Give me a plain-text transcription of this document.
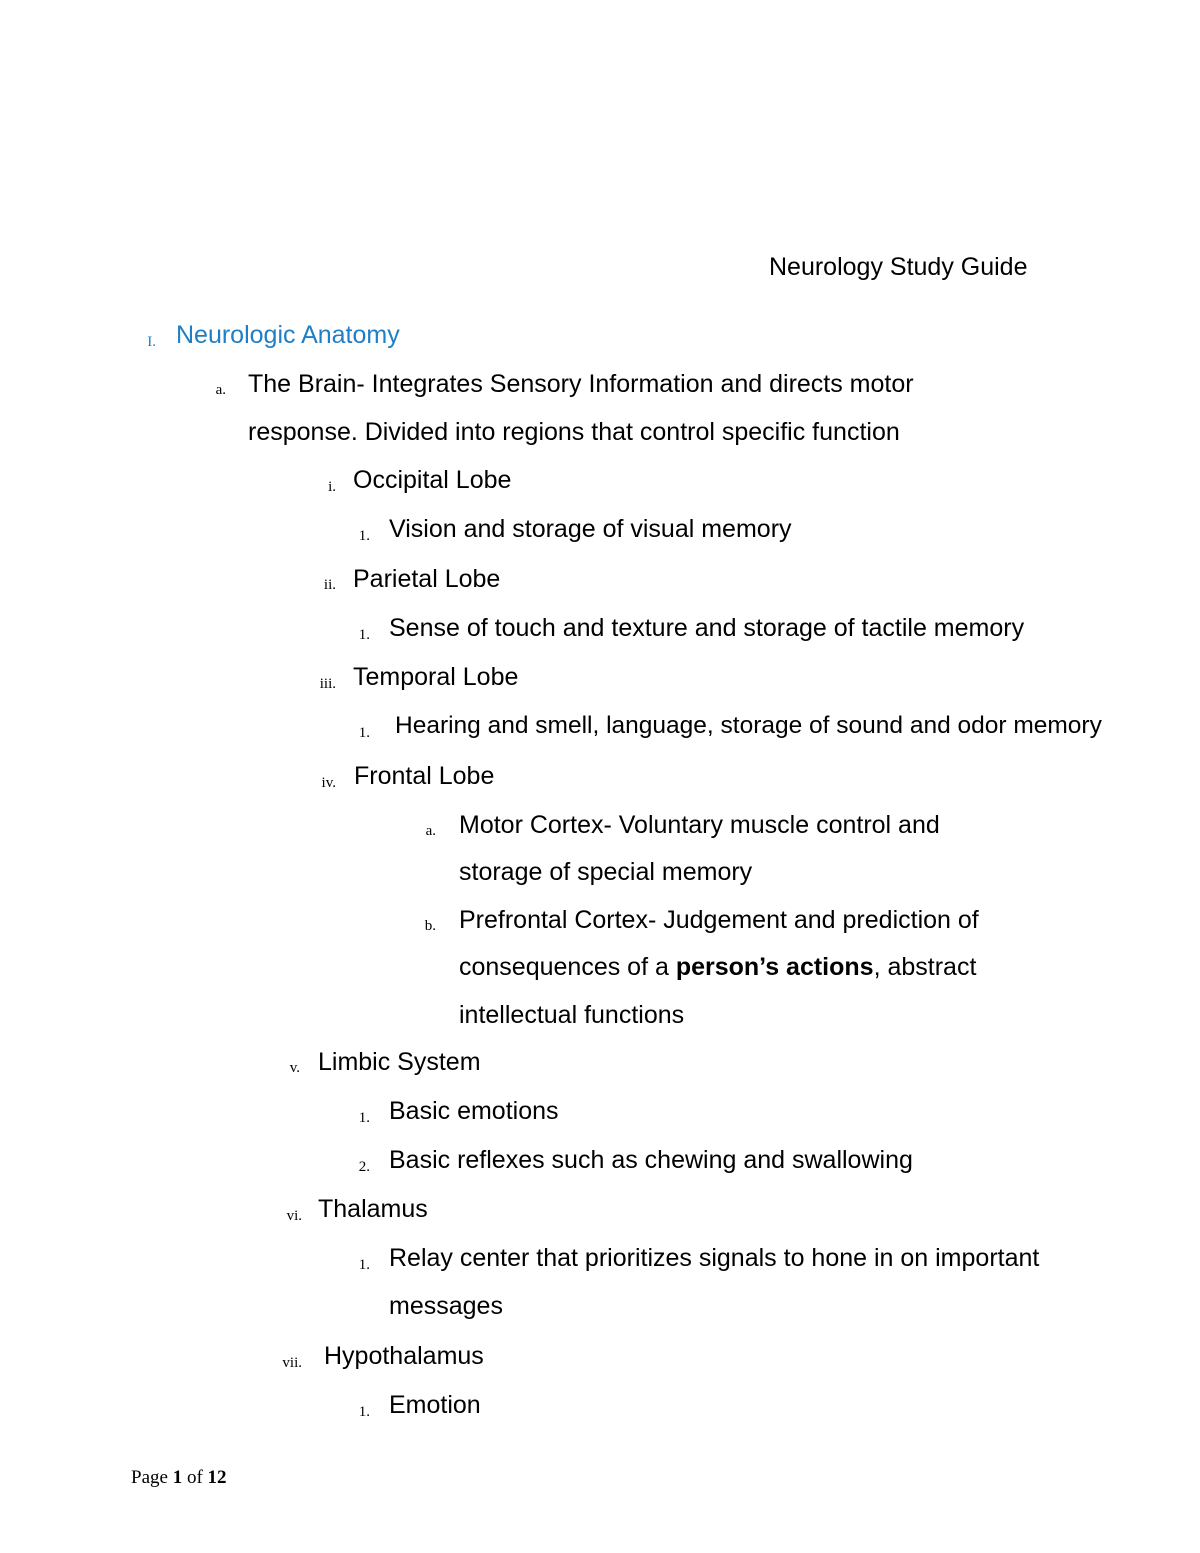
Neurology Study Guide
I. Neurologic Anatomy
a. The Brain- Integrates Sensory Information and directs motor
response. Divided into regions that control specific function
i. Occipital Lobe
1. Vision and storage of visual memory
ii. Parietal Lobe
1. Sense of touch and texture and storage of tactile memory
iii. Temporal Lobe
1. Hearing and smell, language, storage of sound and odor memory
iv. Frontal Lobe
a. Motor Cortex- Voluntary muscle control and
storage of special memory
b. Prefrontal Cortex- Judgement and prediction of
consequences of a person’s actions, abstract
intellectual functions
v. Limbic System
1. Basic emotions
2. Basic reflexes such as chewing and swallowing
vi. Thalamus
1. Relay center that prioritizes signals to hone in on important
messages
vii. Hypothalamus
1. Emotion
Page 1 of 12
